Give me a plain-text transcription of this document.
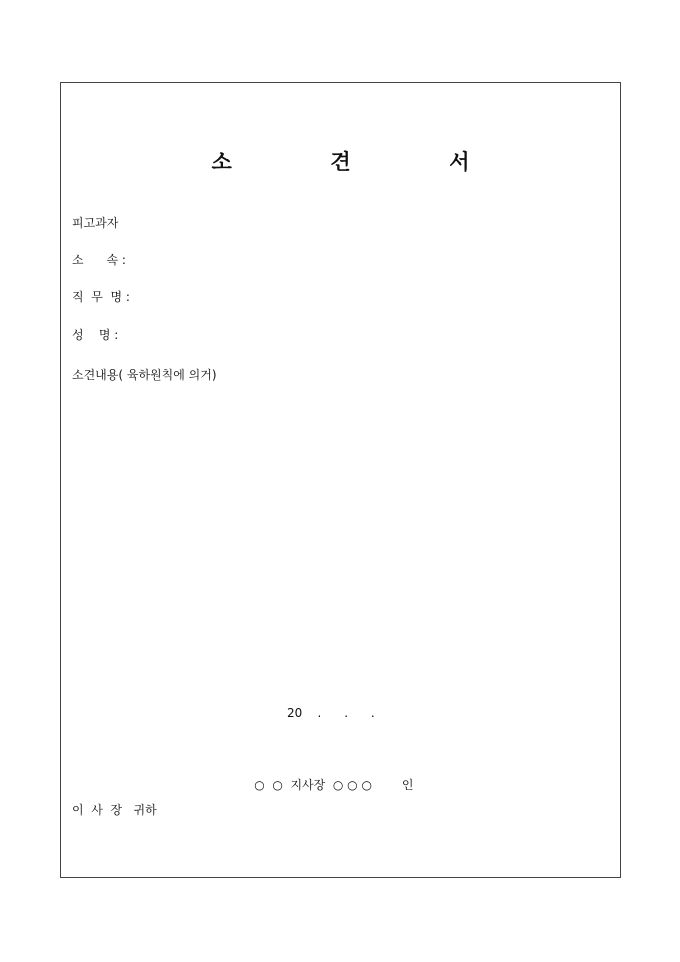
소  견  서
피고과자
소      속 :
직  무  명 :
성    명 :
소견내용( 육하원칙에 의거)
20    .      .      .

○  ○  지사장  ○ ○ ○	인

이  사  장   귀하
